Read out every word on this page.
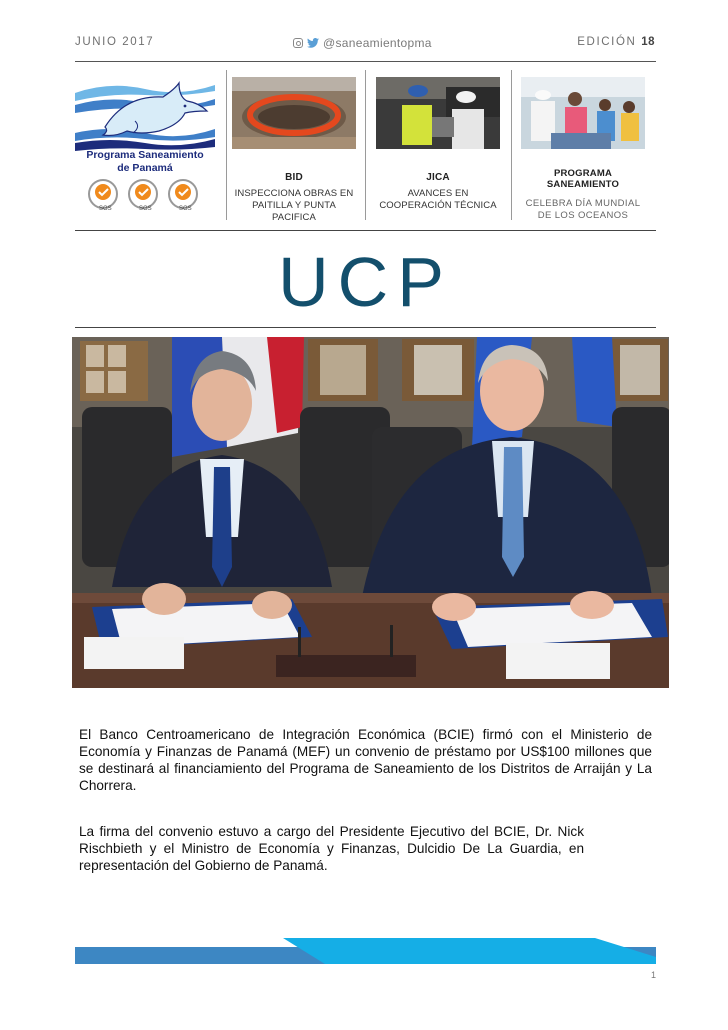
JUNIO 2017	@saneamientopma	EDICIÓN 18
Programa Saneamiento
de Panamá
SGS	SGS	SGS
BID
INSPECCIONA OBRAS EN
PAITILLA Y PUNTA PACIFICA
JICA
AVANCES EN
COOPERACIÓN TÉCNICA
PROGRAMA SANEAMIENTO
CELEBRA DÍA MUNDIAL
DE LOS OCEANOS
UCP

El Banco Centroamericano de Integración Económica (BCIE) firmó con el Ministerio de Economía y Finanzas de Panamá (MEF) un convenio de préstamo por US$100 millones que se destinará al financiamiento del Programa de Saneamiento de los Distritos de Arraiján y La Chorrera.

La firma del convenio estuvo a cargo del Presidente Ejecutivo del BCIE, Dr. Nick Rischbieth y el Ministro de Economía y Finanzas, Dulcidio De La Guardia, en representación del Gobierno de Panamá.

1
